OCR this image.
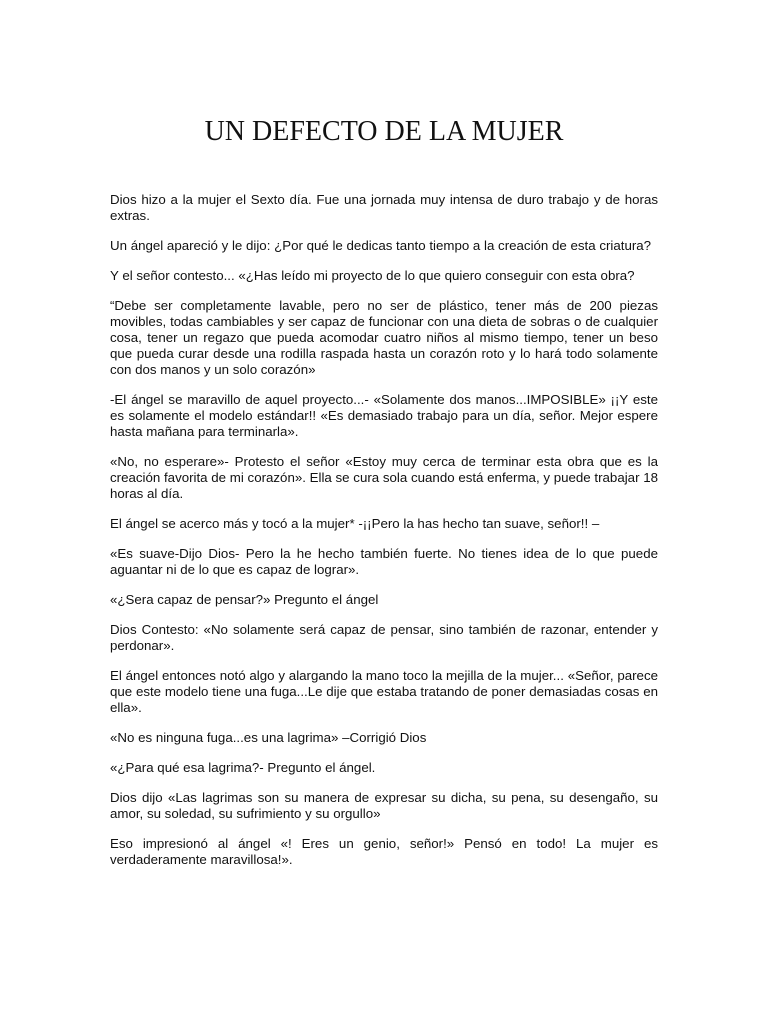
UN DEFECTO DE LA MUJER

Dios hizo a la mujer el Sexto día. Fue una jornada muy intensa de duro trabajo y de horas extras.

Un ángel apareció y le dijo: ¿Por qué le dedicas tanto tiempo a la creación de esta criatura?

Y el señor contesto... «¿Has leído mi proyecto de lo que quiero conseguir con esta obra?

“Debe ser completamente lavable, pero no ser de plástico, tener más de 200 piezas movibles, todas cambiables y ser capaz de funcionar con una dieta de sobras o de cualquier cosa, tener un regazo que pueda acomodar cuatro niños al mismo tiempo, tener un beso que pueda curar desde una rodilla raspada hasta un corazón roto y lo hará todo solamente con dos manos y un solo corazón»

-El ángel se maravillo de aquel proyecto...- «Solamente dos manos...IMPOSIBLE» ¡¡Y este es solamente el modelo estándar!! «Es demasiado trabajo para un día, señor. Mejor espere hasta mañana para terminarla».

«No, no esperare»- Protesto el señor «Estoy muy cerca de terminar esta obra que es la creación favorita de mi corazón». Ella se cura sola cuando está enferma, y puede trabajar 18 horas al día.

El ángel se acerco más y tocó a la mujer* -¡¡Pero la has hecho tan suave, señor!! –

«Es suave-Dijo Dios- Pero la he hecho también fuerte. No tienes idea de lo que puede aguantar ni de lo que es capaz de lograr».

«¿Sera capaz de pensar?» Pregunto el ángel

Dios Contesto: «No solamente será capaz de pensar, sino también de razonar, entender y perdonar».

El ángel entonces notó algo y alargando la mano toco la mejilla de la mujer... «Señor, parece que este modelo tiene una fuga...Le dije que estaba tratando de poner demasiadas cosas en ella».

«No es ninguna fuga...es una lagrima» –Corrigió Dios

«¿Para qué esa lagrima?- Pregunto el ángel.

Dios dijo «Las lagrimas son su manera de expresar su dicha, su pena, su desengaño, su amor, su soledad, su sufrimiento y su orgullo»

Eso impresionó al ángel «! Eres un genio, señor!» Pensó en todo! La mujer es verdaderamente maravillosa!».
